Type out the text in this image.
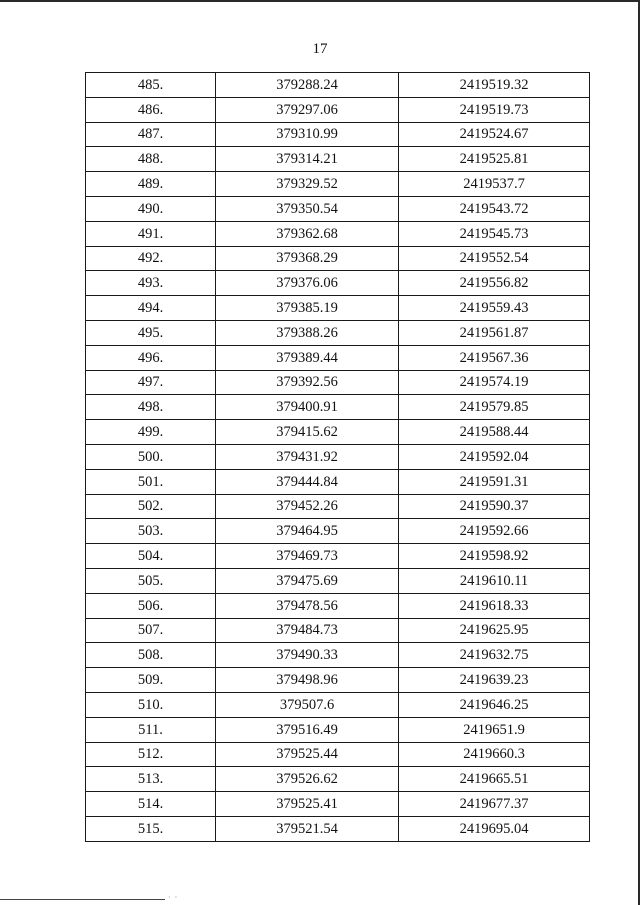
17
485.	379288.24	2419519.32
486.	379297.06	2419519.73
487.	379310.99	2419524.67
488.	379314.21	2419525.81
489.	379329.52	2419537.7
490.	379350.54	2419543.72
491.	379362.68	2419545.73
492.	379368.29	2419552.54
493.	379376.06	2419556.82
494.	379385.19	2419559.43
495.	379388.26	2419561.87
496.	379389.44	2419567.36
497.	379392.56	2419574.19
498.	379400.91	2419579.85
499.	379415.62	2419588.44
500.	379431.92	2419592.04
501.	379444.84	2419591.31
502.	379452.26	2419590.37
503.	379464.95	2419592.66
504.	379469.73	2419598.92
505.	379475.69	2419610.11
506.	379478.56	2419618.33
507.	379484.73	2419625.95
508.	379490.33	2419632.75
509.	379498.96	2419639.23
510.	379507.6	2419646.25
511.	379516.49	2419651.9
512.	379525.44	2419660.3
513.	379526.62	2419665.51
514.	379525.41	2419677.37
515.	379521.54	2419695.04
· ·
